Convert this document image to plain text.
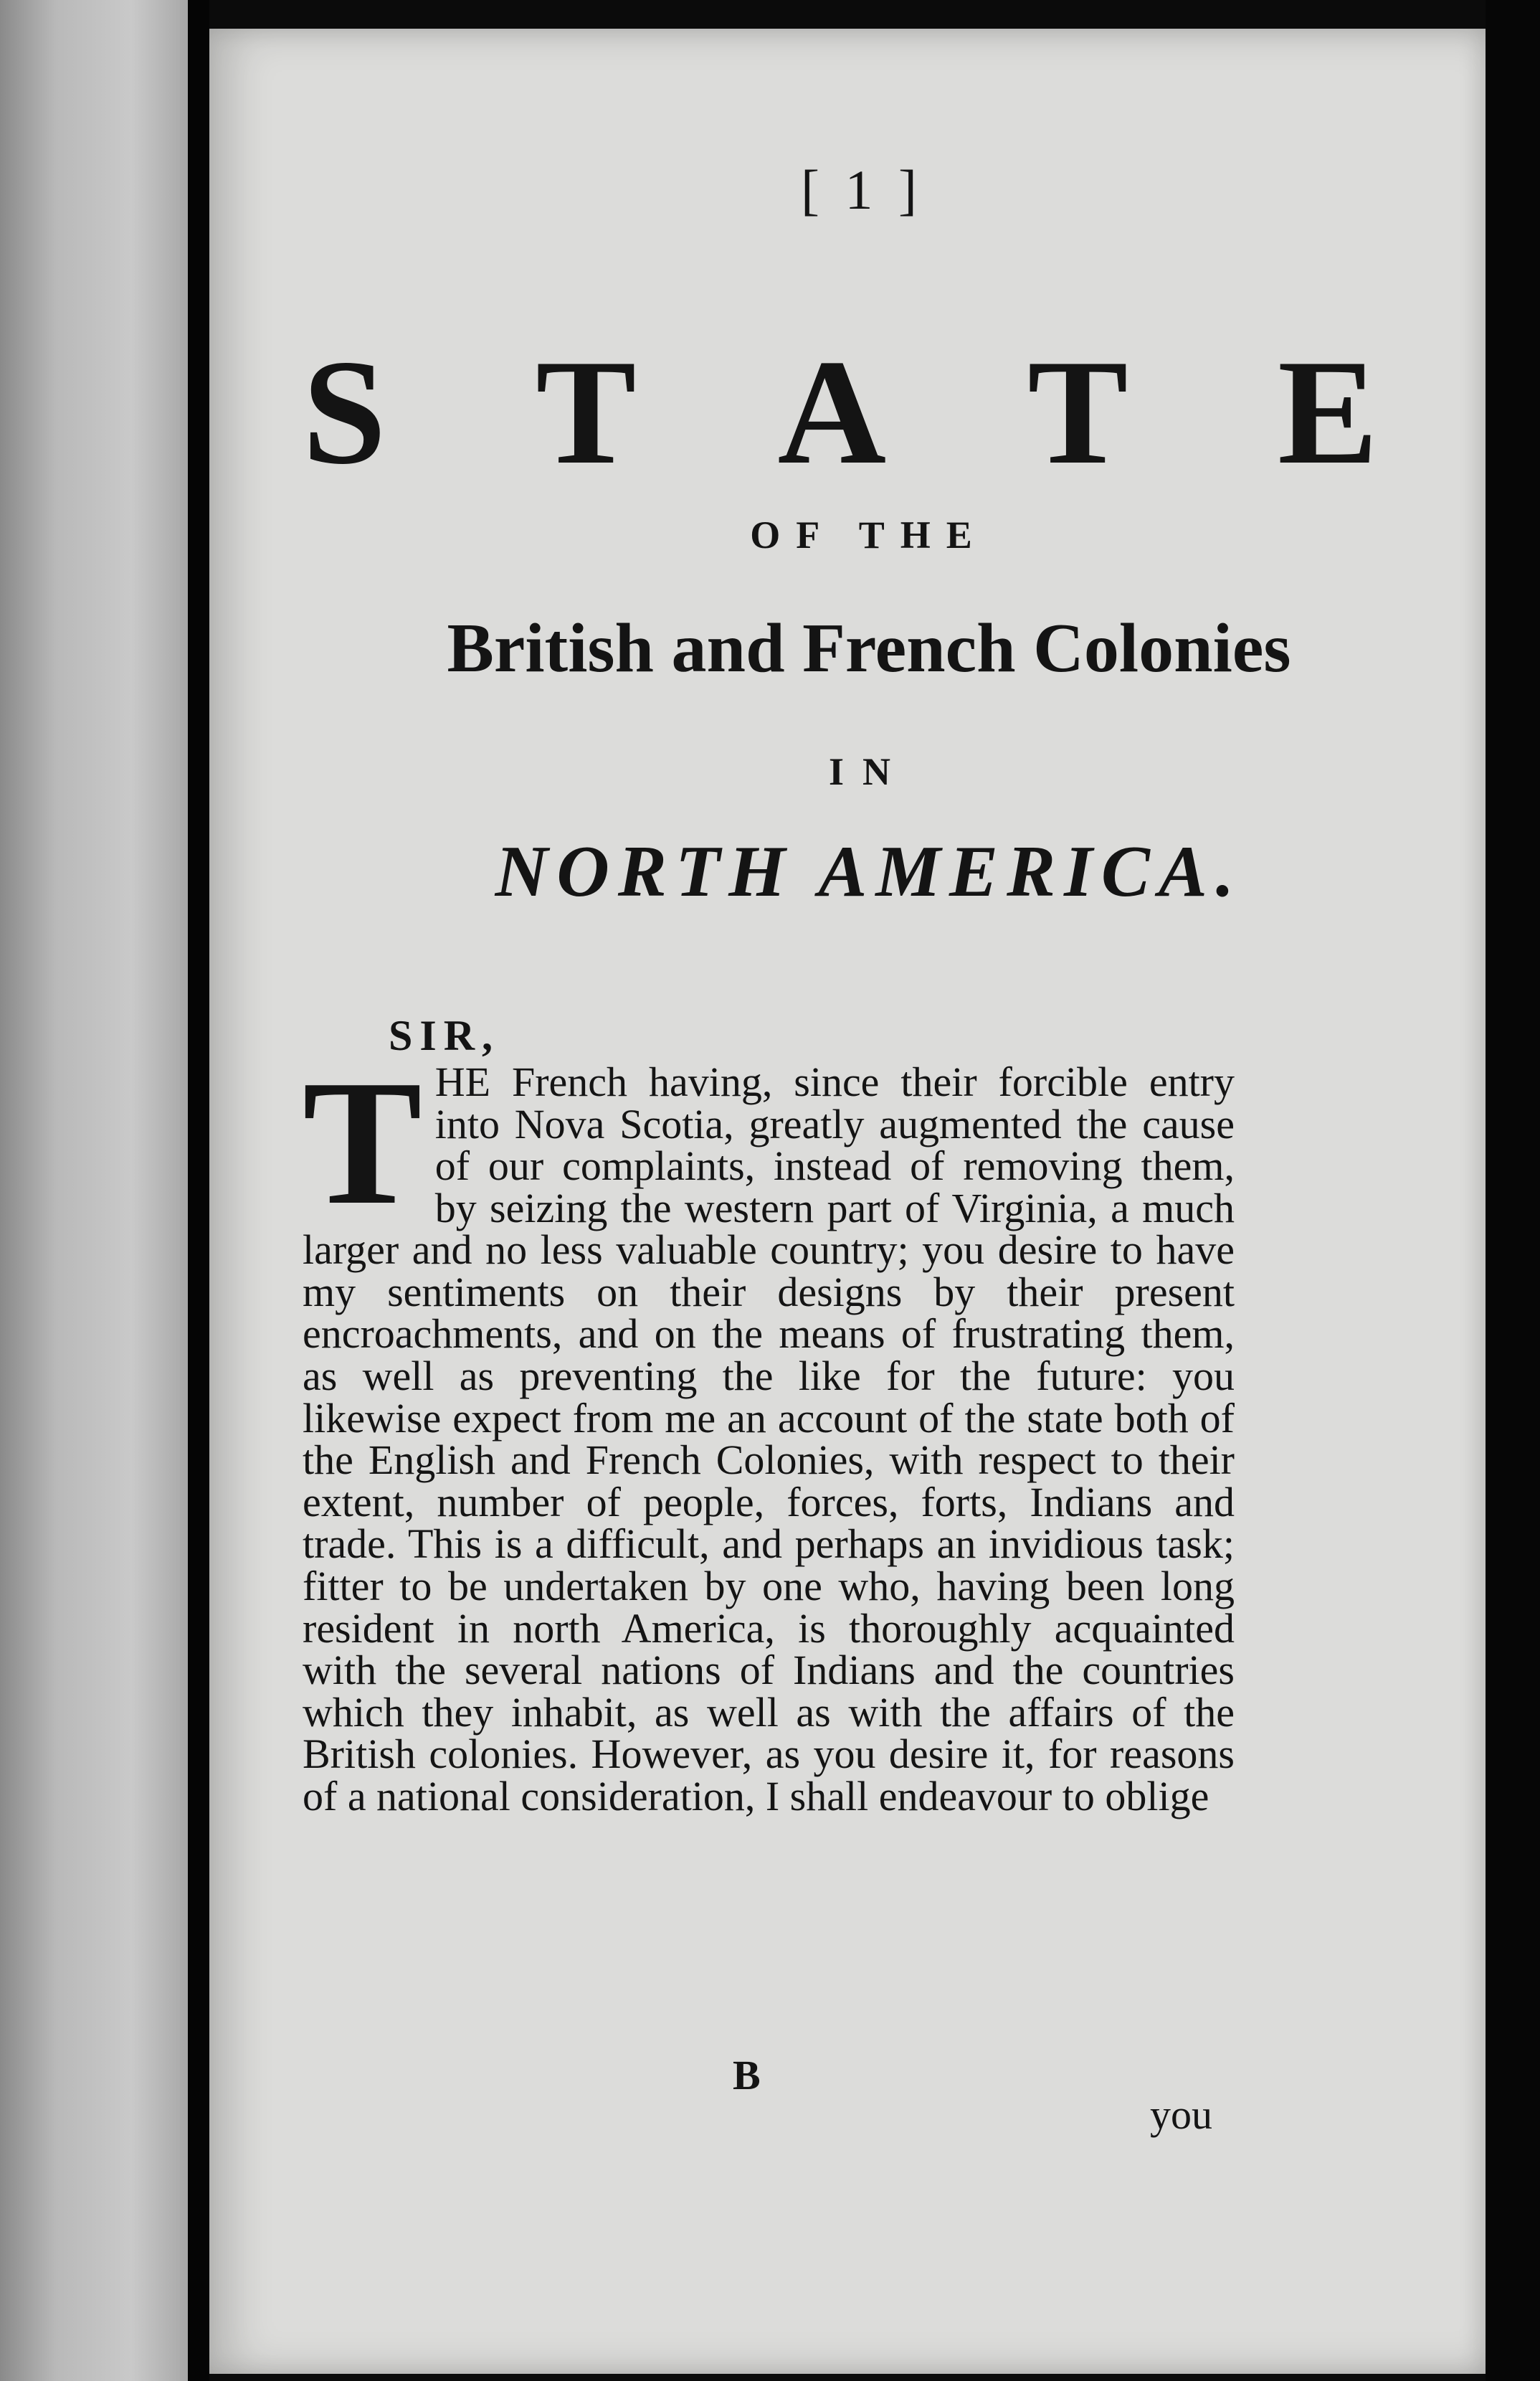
[ 1 ]
S T A T E
OF THE
British and French Colonies
IN
NORTH AMERICA.
SIR,
T HE French having, since their forcible entry into Nova Scotia, greatly augmented the cause of our complaints, instead of removing them, by seizing the western part of Virginia, a much larger and no less valuable country; you desire to have my sentiments on their designs by their present encroachments, and on the means of frustrating them, as well as preventing the like for the future: you likewise expect from me an account of the state both of the English and French Colonies, with respect to their extent, number of people, forces, forts, Indians and trade. This is a difficult, and perhaps an invidious task; fitter to be undertaken by one who, having been long resident in north America, is thoroughly acquainted with the several nations of Indians and the countries which they inhabit, as well as with the affairs of the British colonies. However, as you desire it, for reasons of a national consideration, I shall endeavour to oblige

B
you
